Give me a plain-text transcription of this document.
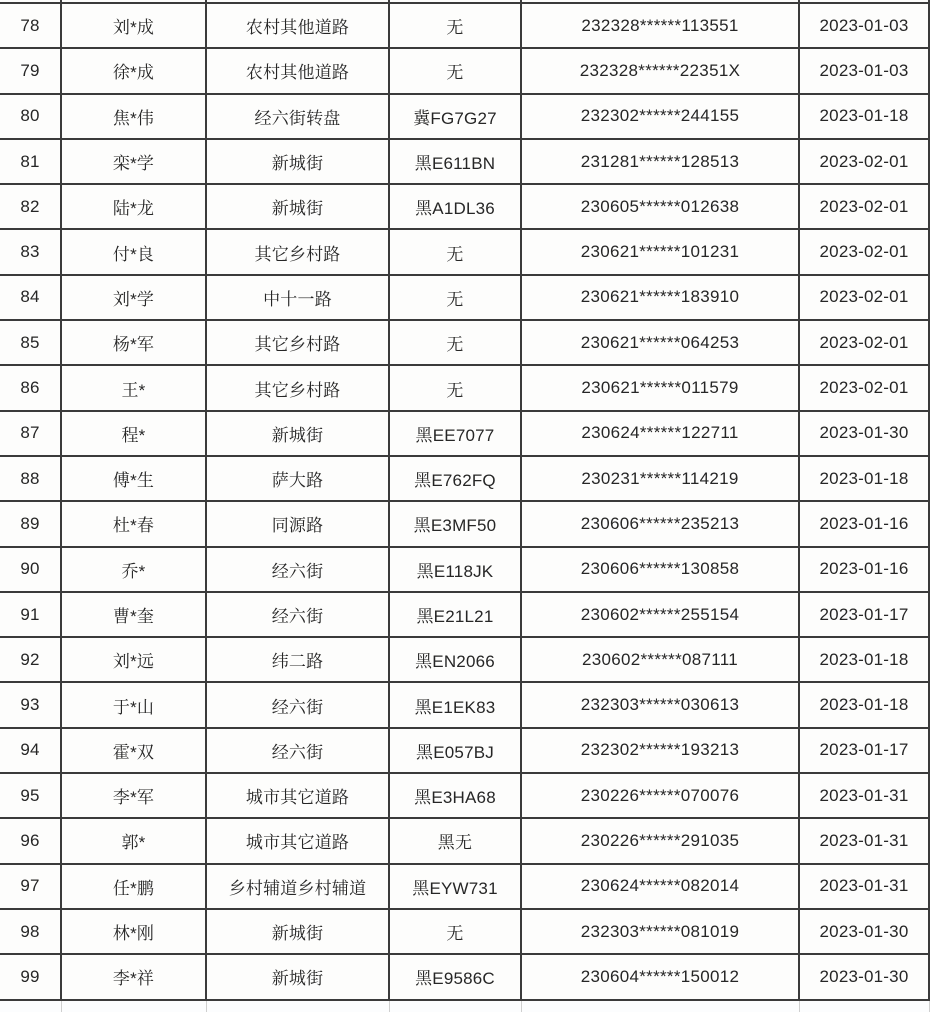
78	刘*成	农村其他道路	无	232328******113551	2023-01-03
79	徐*成	农村其他道路	无	232328******22351X	2023-01-03
80	焦*伟	经六街转盘	冀FG7G27	232302******244155	2023-01-18
81	栾*学	新城街	黑E611BN	231281******128513	2023-02-01
82	陆*龙	新城街	黑A1DL36	230605******012638	2023-02-01
83	付*良	其它乡村路	无	230621******101231	2023-02-01
84	刘*学	中十一路	无	230621******183910	2023-02-01
85	杨*军	其它乡村路	无	230621******064253	2023-02-01
86	王*	其它乡村路	无	230621******011579	2023-02-01
87	程*	新城街	黑EE7077	230624******122711	2023-01-30
88	傅*生	萨大路	黑E762FQ	230231******114219	2023-01-18
89	杜*春	同源路	黑E3MF50	230606******235213	2023-01-16
90	乔*	经六街	黑E118JK	230606******130858	2023-01-16
91	曹*奎	经六街	黑E21L21	230602******255154	2023-01-17
92	刘*远	纬二路	黑EN2066	230602******087111	2023-01-18
93	于*山	经六街	黑E1EK83	232303******030613	2023-01-18
94	霍*双	经六街	黑E057BJ	232302******193213	2023-01-17
95	李*军	城市其它道路	黑E3HA68	230226******070076	2023-01-31
96	郭*	城市其它道路	黑无	230226******291035	2023-01-31
97	任*鹏	乡村辅道乡村辅道	黑EYW731	230624******082014	2023-01-31
98	林*刚	新城街	无	232303******081019	2023-01-30
99	李*祥	新城街	黑E9586C	230604******150012	2023-01-30
